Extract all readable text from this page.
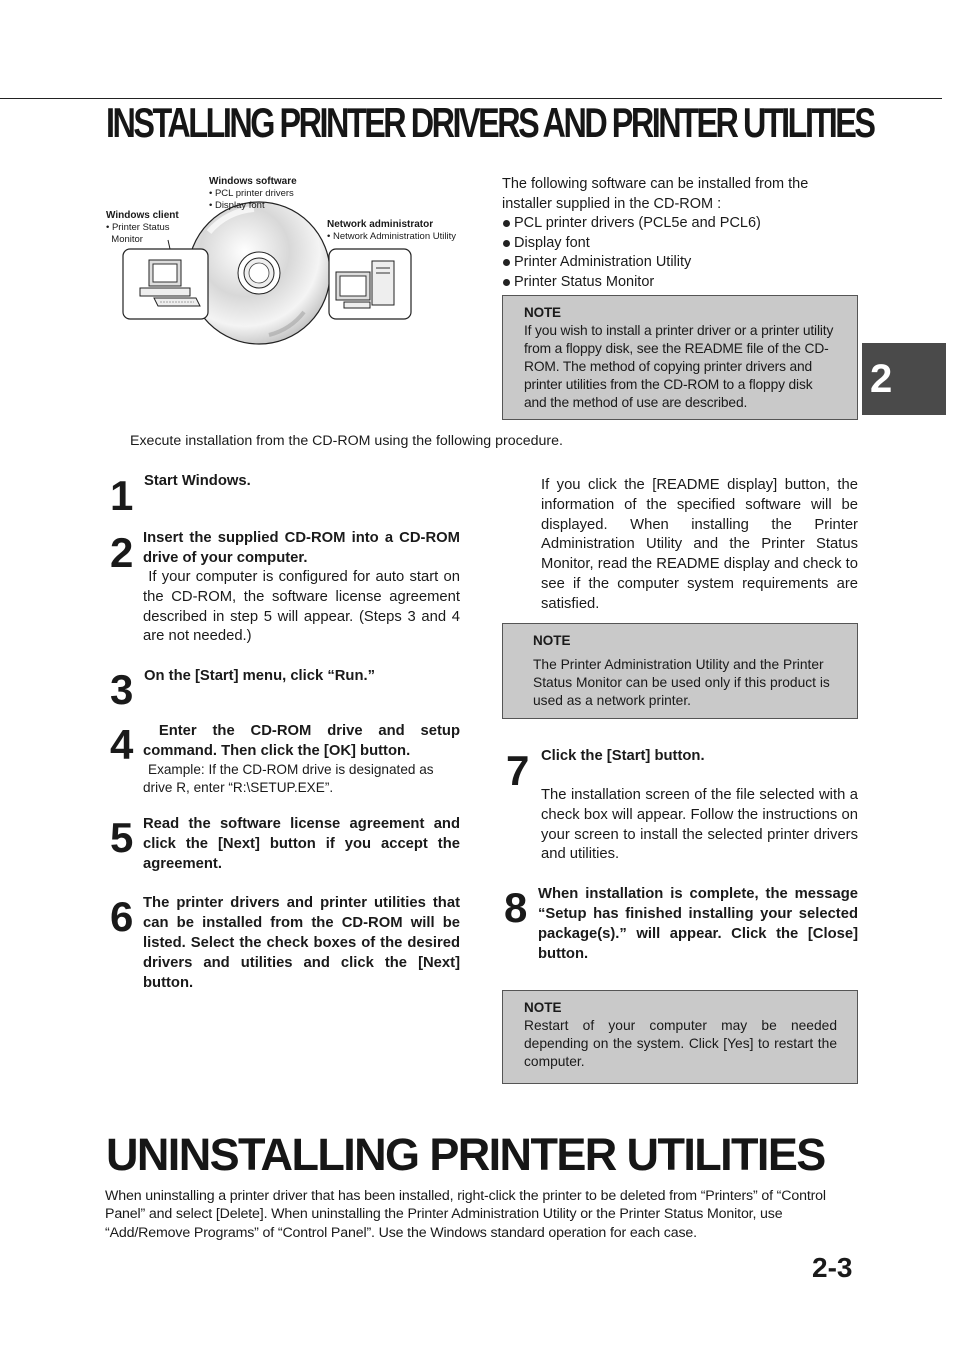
INSTALLING PRINTER DRIVERS AND PRINTER UTILITIES
Windows software
• PCL printer drivers
• Display font
Windows client
• Printer Status
Monitor
Network administrator
• Network Administration Utility
The following software can be installed from the installer supplied in the CD-ROM :
PCL printer drivers (PCL5e and PCL6)
Display font
Printer Administration Utility
Printer Status Monitor
NOTE
If you wish to install a printer driver or a printer utility from a floppy disk, see the README file of the CD-ROM. The method of copying printer drivers and printer utilities from the CD-ROM to a floppy disk and the method of use are described.
2
Execute installation from the CD-ROM using the following procedure.
1 Start Windows.
2 Insert the supplied CD-ROM into a CD-ROM drive of your computer.
If your computer is configured for auto start on the CD-ROM, the software license agreement described in step 5 will appear. (Steps 3 and 4 are not needed.)
3 On the [Start] menu, click “Run.”
4 Enter the CD-ROM drive and setup command. Then click the [OK] button.
Example: If the CD-ROM drive is designated as drive R, enter “R:\SETUP.EXE”.
5 Read the software license agreement and click the [Next] button if you accept the agreement.
6 The printer drivers and printer utilities that can be installed from the CD-ROM will be listed. Select the check boxes of the desired drivers and utilities and click the [Next] button.
If you click the [README display] button, the information of the specified software will be displayed. When installing the Printer Administration Utility and the Printer Status Monitor, read the README display and check to see if the computer system requirements are satisfied.
NOTE
The Printer Administration Utility and the Printer Status Monitor can be used only if this product is used as a network printer.
7 Click the [Start] button.
The installation screen of the file selected with a check box will appear. Follow the instructions on your screen to install the selected printer drivers and utilities.
8 When installation is complete, the message “Setup has finished installing your selected package(s).” will appear. Click the [Close] button.
NOTE
Restart of your computer may be needed depending on the system. Click [Yes] to restart the computer.
UNINSTALLING PRINTER UTILITIES
When uninstalling a printer driver that has been installed, right-click the printer to be deleted from “Printers” of “Control Panel” and select [Delete]. When uninstalling the Printer Administration Utility or the Printer Status Monitor, use “Add/Remove Programs” of “Control Panel”. Use the Windows standard operation for each case.
2-3
